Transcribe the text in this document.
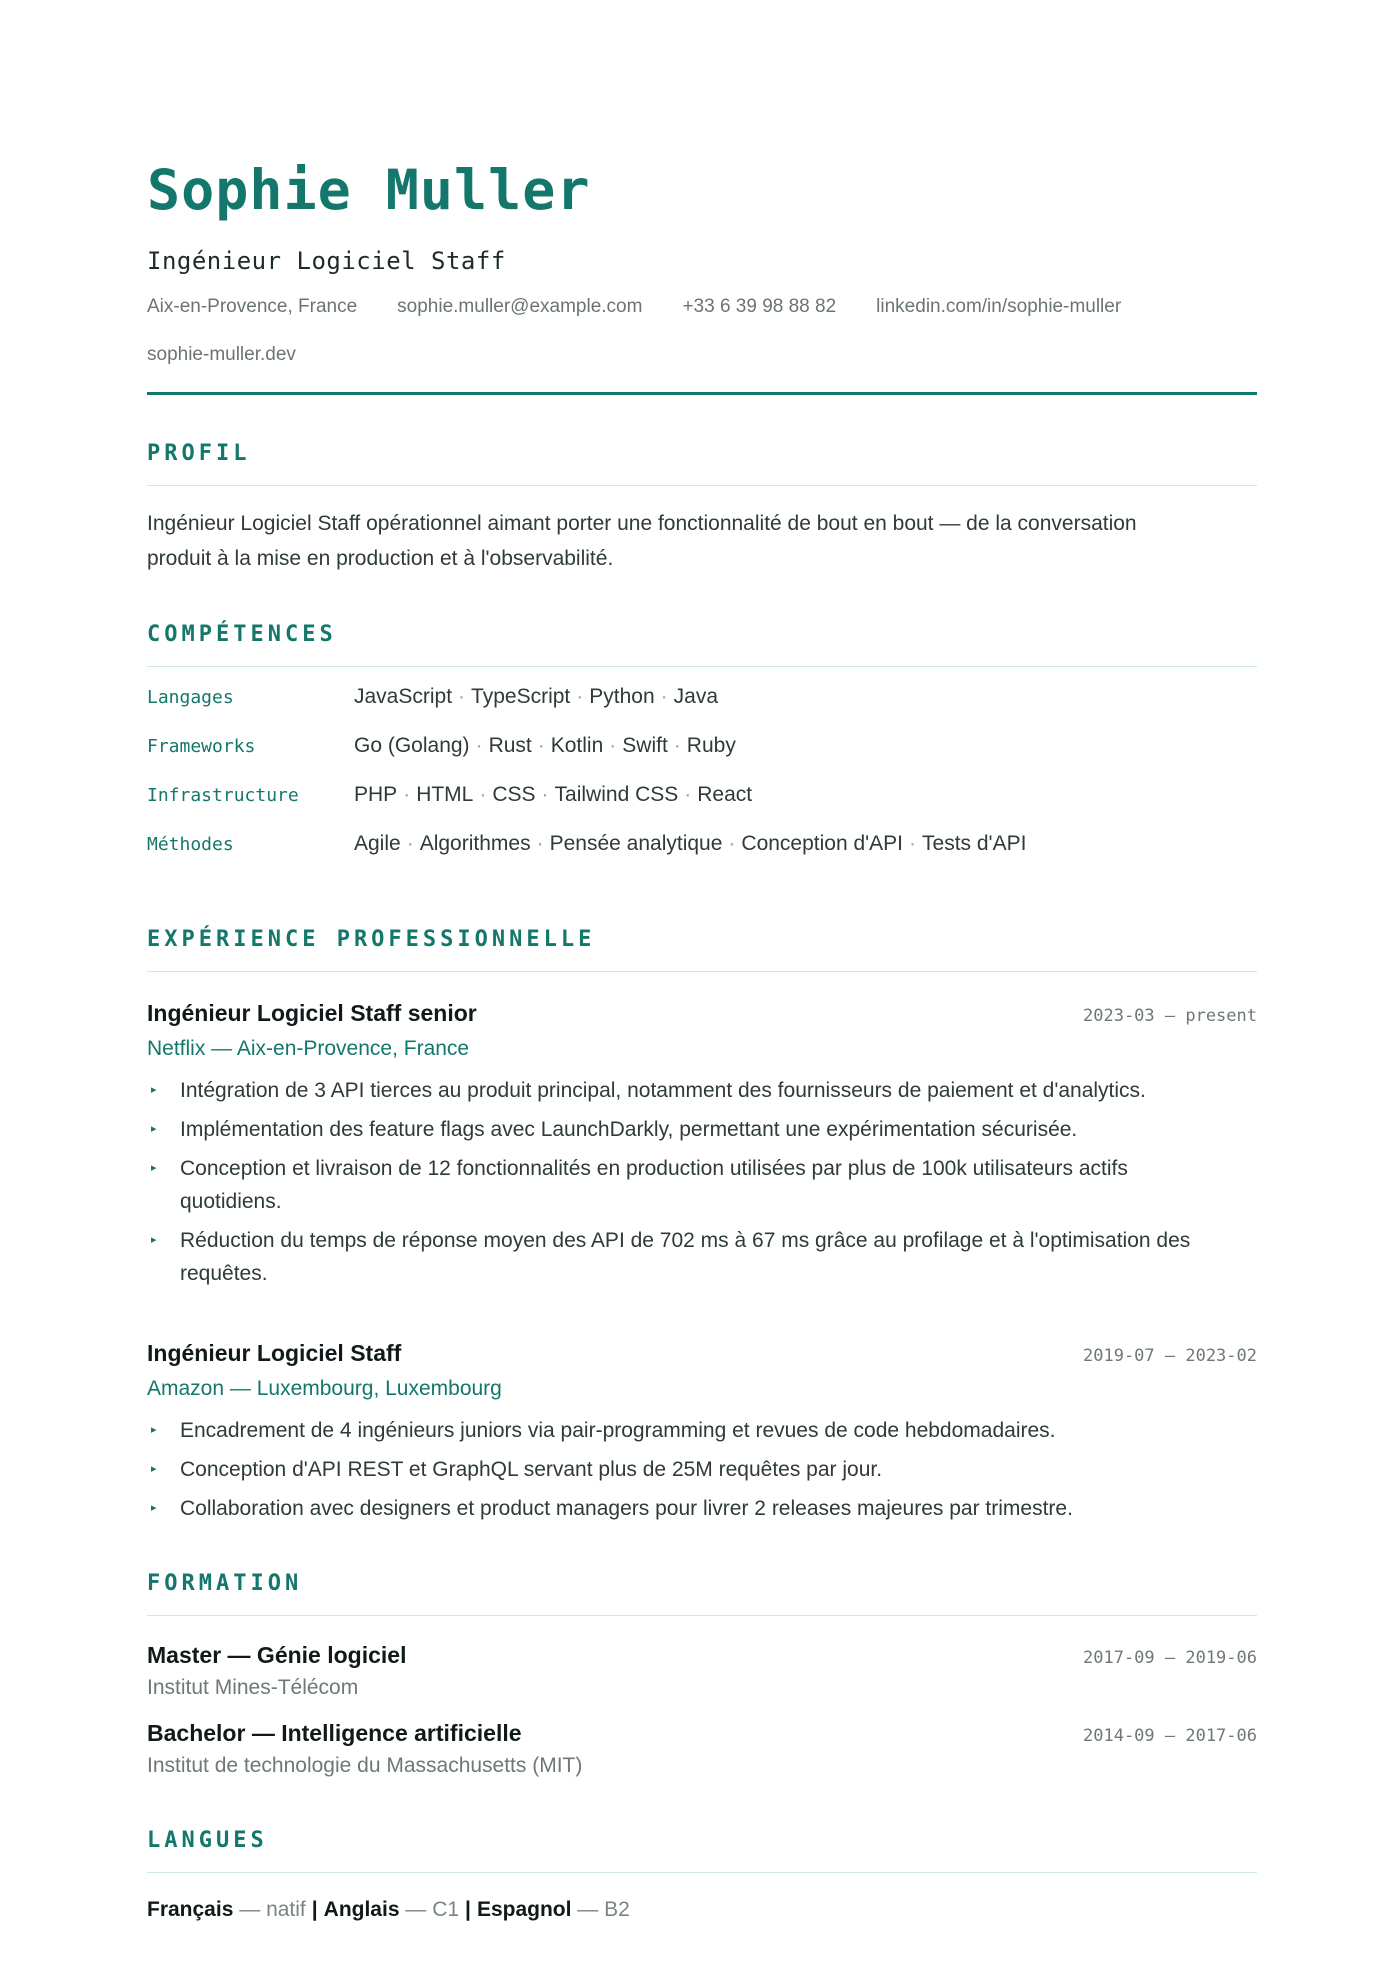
Sophie Muller
Ingénieur Logiciel Staff
Aix-en-Provence, France sophie.muller@example.com +33 6 39 98 88 82 linkedin.com/in/sophie-muller
sophie-muller.dev
PROFIL
Ingénieur Logiciel Staff opérationnel aimant porter une fonctionnalité de bout en bout — de la conversation produit à la mise en production et à l'observabilité.
COMPÉTENCES
Langages	JavaScript · TypeScript · Python · Java
Frameworks	Go (Golang) · Rust · Kotlin · Swift · Ruby
Infrastructure	PHP · HTML · CSS · Tailwind CSS · React
Méthodes	Agile · Algorithmes · Pensée analytique · Conception d'API · Tests d'API
EXPÉRIENCE PROFESSIONNELLE
Ingénieur Logiciel Staff senior	2023-03 — present
Netflix — Aix-en-Provence, France
▸ Intégration de 3 API tierces au produit principal, notamment des fournisseurs de paiement et d'analytics.
▸ Implémentation des feature flags avec LaunchDarkly, permettant une expérimentation sécurisée.
▸ Conception et livraison de 12 fonctionnalités en production utilisées par plus de 100k utilisateurs actifs quotidiens.
▸ Réduction du temps de réponse moyen des API de 702 ms à 67 ms grâce au profilage et à l'optimisation des requêtes.
Ingénieur Logiciel Staff	2019-07 — 2023-02
Amazon — Luxembourg, Luxembourg
▸ Encadrement de 4 ingénieurs juniors via pair-programming et revues de code hebdomadaires.
▸ Conception d'API REST et GraphQL servant plus de 25M requêtes par jour.
▸ Collaboration avec designers et product managers pour livrer 2 releases majeures par trimestre.
FORMATION
Master — Génie logiciel	2017-09 — 2019-06
Institut Mines-Télécom
Bachelor — Intelligence artificielle	2014-09 — 2017-06
Institut de technologie du Massachusetts (MIT)
LANGUES
Français — natif | Anglais — C1 | Espagnol — B2
